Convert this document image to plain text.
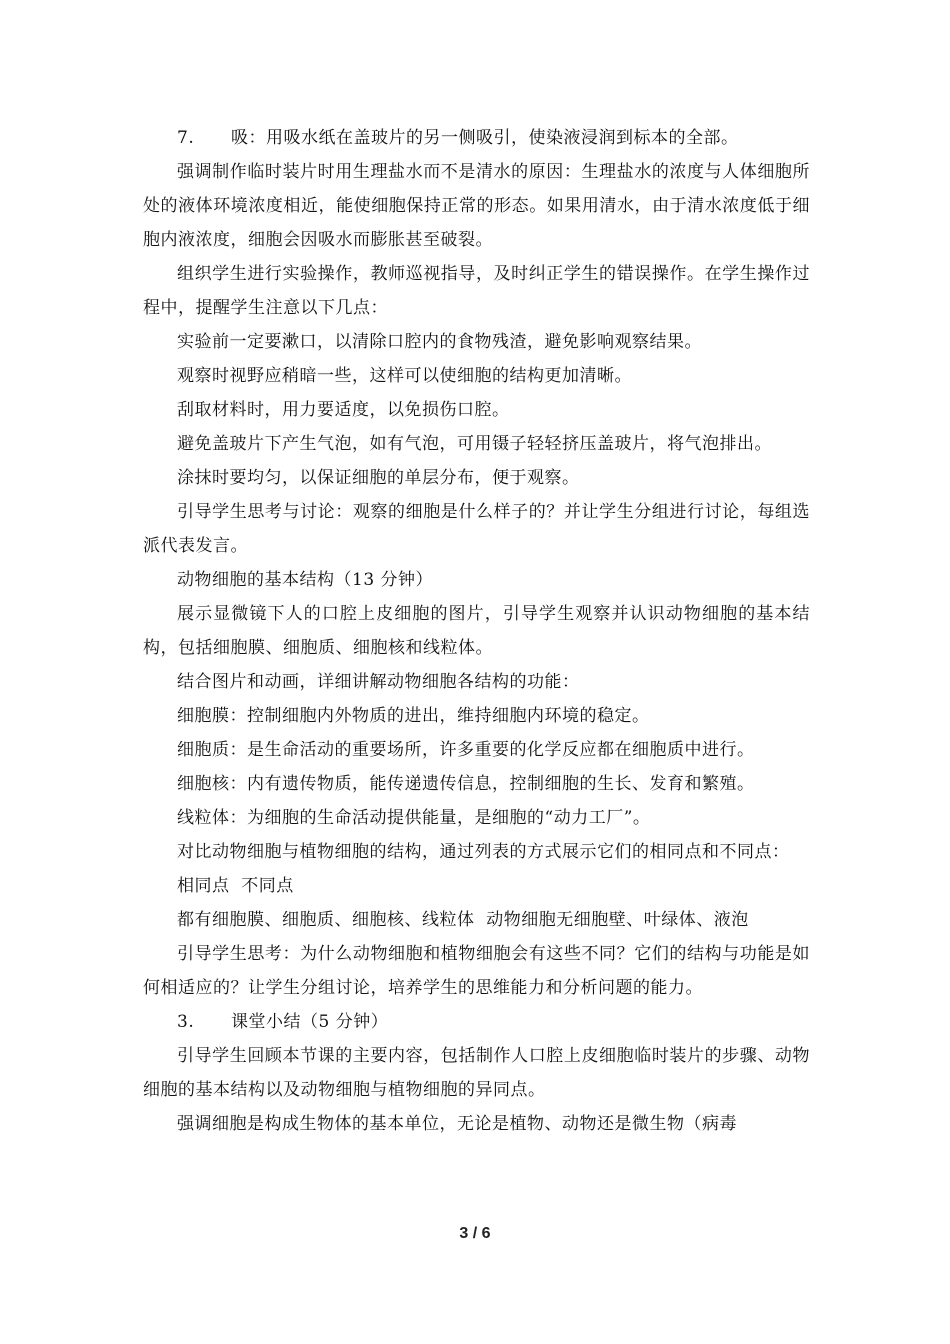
7. 吸：用吸水纸在盖玻片的另一侧吸引，使染液浸润到标本的全部。

强调制作临时装片时用生理盐水而不是清水的原因：生理盐水的浓度与人体细胞所处的液体环境浓度相近，能使细胞保持正常的形态。如果用清水，由于清水浓度低于细胞内液浓度，细胞会因吸水而膨胀甚至破裂。

组织学生进行实验操作，教师巡视指导，及时纠正学生的错误操作。在学生操作过程中，提醒学生注意以下几点：

实验前一定要漱口，以清除口腔内的食物残渣，避免影响观察结果。

观察时视野应稍暗一些，这样可以使细胞的结构更加清晰。

刮取材料时，用力要适度，以免损伤口腔。

避免盖玻片下产生气泡，如有气泡，可用镊子轻轻挤压盖玻片，将气泡排出。

涂抹时要均匀，以保证细胞的单层分布，便于观察。

引导学生思考与讨论：观察的细胞是什么样子的？并让学生分组进行讨论，每组选派代表发言。

动物细胞的基本结构（13 分钟）

展示显微镜下人的口腔上皮细胞的图片，引导学生观察并认识动物细胞的基本结构，包括细胞膜、细胞质、细胞核和线粒体。

结合图片和动画，详细讲解动物细胞各结构的功能：

细胞膜：控制细胞内外物质的进出，维持细胞内环境的稳定。

细胞质：是生命活动的重要场所，许多重要的化学反应都在细胞质中进行。

细胞核：内有遗传物质，能传递遗传信息，控制细胞的生长、发育和繁殖。

线粒体：为细胞的生命活动提供能量，是细胞的“动力工厂”。

对比动物细胞与植物细胞的结构，通过列表的方式展示它们的相同点和不同点：

相同点  不同点

都有细胞膜、细胞质、细胞核、线粒体  动物细胞无细胞壁、叶绿体、液泡

引导学生思考：为什么动物细胞和植物细胞会有这些不同？它们的结构与功能是如何相适应的？让学生分组讨论，培养学生的思维能力和分析问题的能力。

3. 课堂小结（5 分钟）

引导学生回顾本节课的主要内容，包括制作人口腔上皮细胞临时装片的步骤、动物细胞的基本结构以及动物细胞与植物细胞的异同点。

强调细胞是构成生物体的基本单位，无论是植物、动物还是微生物（病毒

3 / 6
